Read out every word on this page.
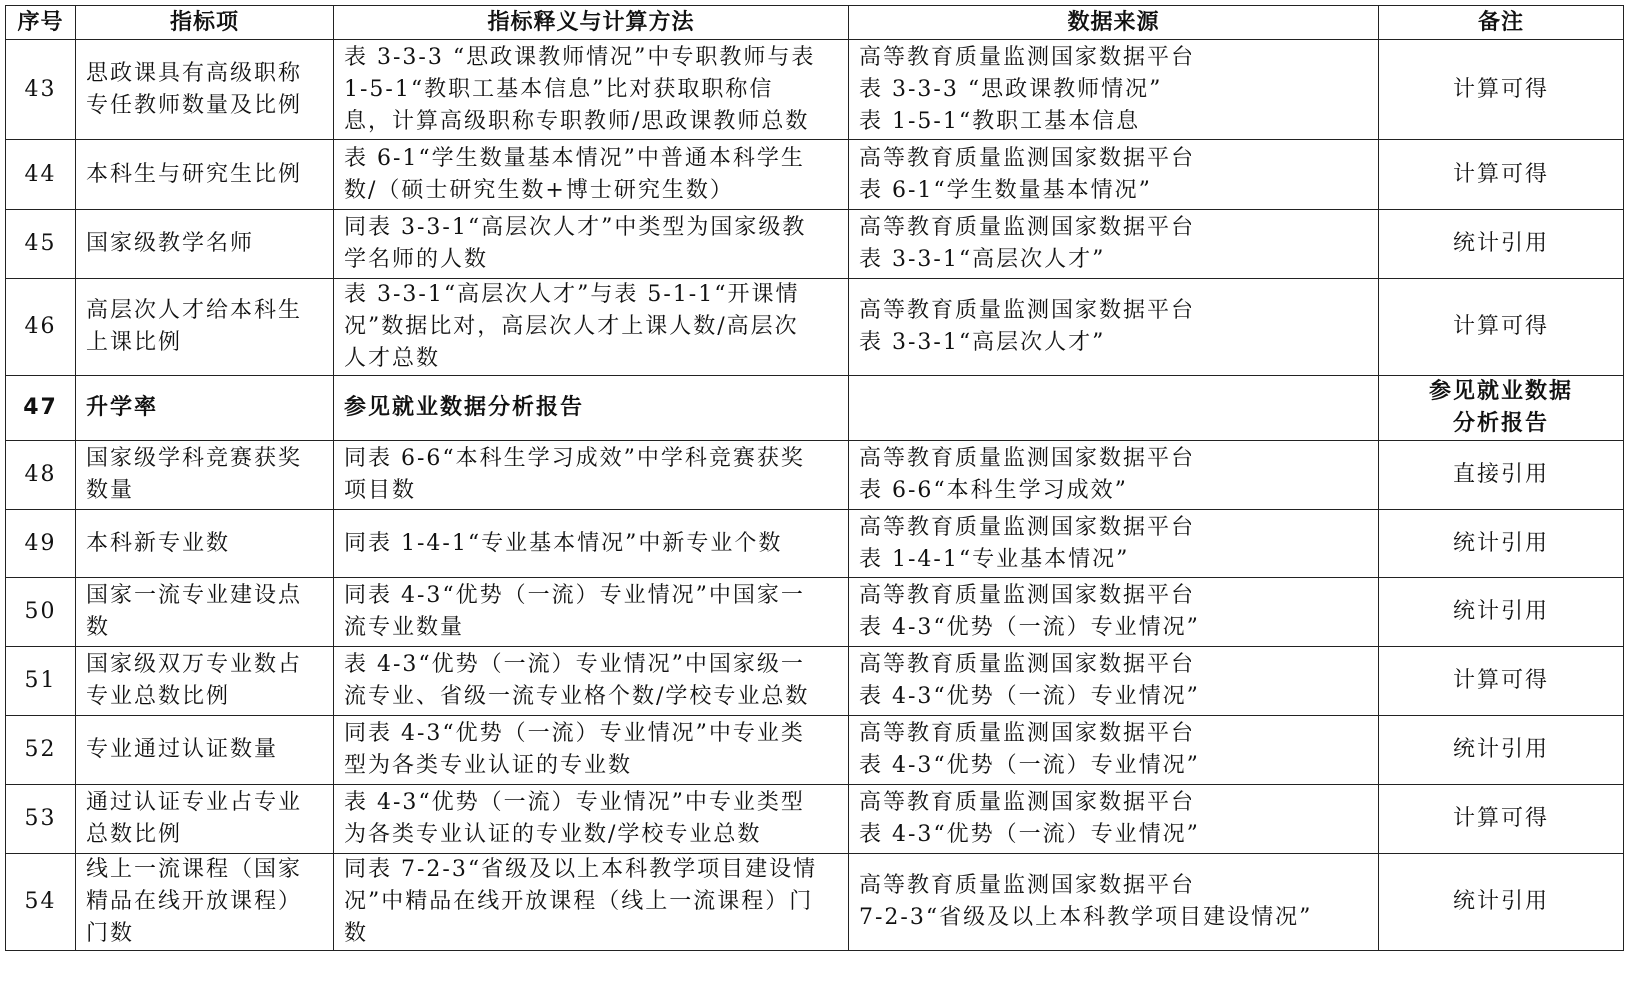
序号	指标项	指标释义与计算方法	数据来源	备注
43	思政课具有高级职称
专任教师数量及比例	表 3-3-3 “思政课教师情况”中专职教师与表
1-5-1“教职工基本信息”比对获取职称信
息，计算高级职称专职教师/思政课教师总数	高等教育质量监测国家数据平台
表 3-3-3 “思政课教师情况”
表 1-5-1“教职工基本信息	计算可得

44	本科生与研究生比例	表 6-1“学生数量基本情况”中普通本科学生
数/（硕士研究生数+博士研究生数）	高等教育质量监测国家数据平台
表 6-1“学生数量基本情况”	计算可得

45	国家级教学名师	同表 3-3-1“高层次人才”中类型为国家级教
学名师的人数	高等教育质量监测国家数据平台
表 3-3-1“高层次人才”	统计引用

46	高层次人才给本科生
上课比例	表 3-3-1“高层次人才”与表 5-1-1“开课情
况”数据比对，高层次人才上课人数/高层次
人才总数	高等教育质量监测国家数据平台
表 3-3-1“高层次人才”	计算可得

47	升学率	参见就业数据分析报告		参见就业数据
分析报告

48	国家级学科竞赛获奖
数量	同表 6-6“本科生学习成效”中学科竞赛获奖
项目数	高等教育质量监测国家数据平台
表 6-6“本科生学习成效”	直接引用

49	本科新专业数	同表 1-4-1“专业基本情况”中新专业个数	高等教育质量监测国家数据平台
表 1-4-1“专业基本情况”	统计引用

50	国家一流专业建设点
数	同表 4-3“优势（一流）专业情况”中国家一
流专业数量	高等教育质量监测国家数据平台
表 4-3“优势（一流）专业情况”	统计引用

51	国家级双万专业数占
专业总数比例	表 4-3“优势（一流）专业情况”中国家级一
流专业、省级一流专业格个数/学校专业总数	高等教育质量监测国家数据平台
表 4-3“优势（一流）专业情况”	计算可得

52	专业通过认证数量	同表 4-3“优势（一流）专业情况”中专业类
型为各类专业认证的专业数	高等教育质量监测国家数据平台
表 4-3“优势（一流）专业情况”	统计引用

53	通过认证专业占专业
总数比例	表 4-3“优势（一流）专业情况”中专业类型
为各类专业认证的专业数/学校专业总数	高等教育质量监测国家数据平台
表 4-3“优势（一流）专业情况”	计算可得

54	线上一流课程（国家
精品在线开放课程）
门数	同表 7-2-3“省级及以上本科教学项目建设情
况”中精品在线开放课程（线上一流课程）门
数	高等教育质量监测国家数据平台
7-2-3“省级及以上本科教学项目建设情况”	统计引用
